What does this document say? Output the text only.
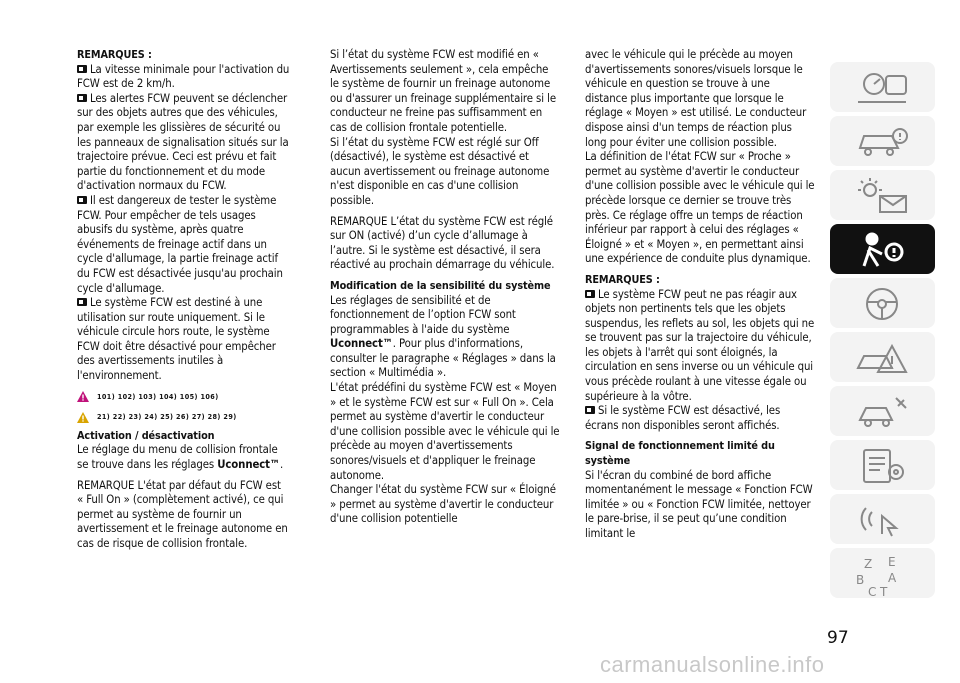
REMARQUES :

La vitesse minimale pour l'activation du FCW est de 2 km/h.

Les alertes FCW peuvent se déclencher sur des objets autres que des véhicules, par exemple les glissières de sécurité ou les panneaux de signalisation situés sur la trajectoire prévue. Ceci est prévu et fait partie du fonctionnement et du mode d'activation normaux du FCW.

Il est dangereux de tester le système FCW. Pour empêcher de tels usages abusifs du système, après quatre événements de freinage actif dans un cycle d'allumage, la partie freinage actif du FCW est désactivée jusqu'au prochain cycle d'allumage.

Le système FCW est destiné à une utilisation sur route uniquement. Si le véhicule circule hors route, le système FCW doit être désactivé pour empêcher des avertissements inutiles à l'environnement.

101) 102) 103) 104) 105) 106)
21) 22) 23) 24) 25) 26) 27) 28) 29)

Activation / désactivation

Le réglage du menu de collision frontale se trouve dans les réglages Uconnect™.

REMARQUE L'état par défaut du FCW est « Full On » (complètement activé), ce qui permet au système de fournir un avertissement et le freinage autonome en cas de risque de collision frontale.

Si l’état du système FCW est modifié en « Avertissements seulement », cela empêche le système de fournir un freinage autonome ou d'assurer un freinage supplémentaire si le conducteur ne freine pas suffisamment en cas de collision frontale potentielle.

Si l’état du système FCW est réglé sur Off (désactivé), le système est désactivé et aucun avertissement ou freinage autonome n'est disponible en cas d'une collision possible.

REMARQUE L’état du système FCW est réglé sur ON (activé) d’un cycle d’allumage à l’autre. Si le système est désactivé, il sera réactivé au prochain démarrage du véhicule.

Modification de la sensibilité du système

Les réglages de sensibilité et de fonctionnement de l’option FCW sont programmables à l'aide du système Uconnect™. Pour plus d'informations, consulter le paragraphe « Réglages » dans la section « Multimédia ».

L'état prédéfini du système FCW est « Moyen » et le système FCW est sur « Full On ». Cela permet au système d'avertir le conducteur d'une collision possible avec le véhicule qui le précède au moyen d'avertissements sonores/visuels et d'appliquer le freinage autonome.

Changer l'état du système FCW sur « Éloigné » permet au système d'avertir le conducteur d'une collision potentielle

avec le véhicule qui le précède au moyen d'avertissements sonores/visuels lorsque le véhicule en question se trouve à une distance plus importante que lorsque le réglage « Moyen » est utilisé. Le conducteur dispose ainsi d'un temps de réaction plus long pour éviter une collision possible.

La définition de l'état FCW sur « Proche » permet au système d'avertir le conducteur d'une collision possible avec le véhicule qui le précède lorsque ce dernier se trouve très près. Ce réglage offre un temps de réaction inférieur par rapport à celui des réglages « Éloigné » et « Moyen », en permettant ainsi une expérience de conduite plus dynamique.

REMARQUES :

Le système FCW peut ne pas réagir aux objets non pertinents tels que les objets suspendus, les reflets au sol, les objets qui ne se trouvent pas sur la trajectoire du véhicule, les objets à l'arrêt qui sont éloignés, la circulation en sens inverse ou un véhicule qui vous précède roulant à une vitesse égale ou supérieure à la vôtre.

Si le système FCW est désactivé, les écrans non disponibles seront affichés.

Signal de fonctionnement limité du système

Si l'écran du combiné de bord affiche momentanément le message « Fonction FCW limitée » ou « Fonction FCW limitée, nettoyer le pare-brise, il se peut qu’une condition limitant le

Z E
B A
C T
97
carmanualsonline.info
